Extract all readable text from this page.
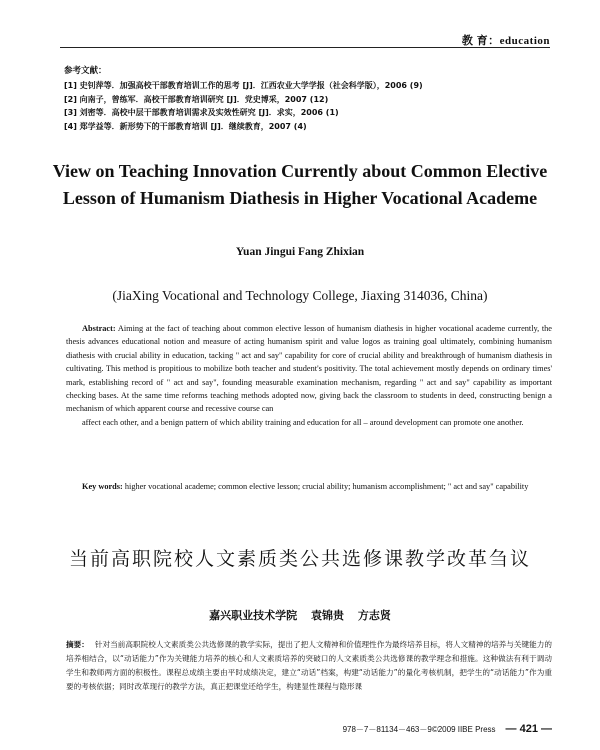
教 育：education
参考文献：
[1] 史钊萍等．加强高校干部教育培训工作的思考 [J]．江西农业大学学报（社会科学版），2006 (9)
[2] 向南子，曾练军．高校干部教育培训研究 [J]．党史博采，2007 (12)
[3] 刘密等．高校中层干部教育培训需求及实效性研究 [J]．求实，2006 (1)
[4] 郑学益等．新形势下的干部教育培训 [J]．继续教育，2007 (4)
View on Teaching Innovation Currently about Common Elective
Lesson of Humanism Diathesis in Higher Vocational Academe
Yuan Jingui Fang Zhixian
(JiaXing Vocational and Technology College, Jiaxing 314036, China)

Abstract: Aiming at the fact of teaching about common elective lesson of humanism diathesis in higher vocational academe currently, the thesis advances educational notion and measure of acting humanism spirit and value logos as training goal ultimately, combining humanism diathesis with crucial ability in education, tacking " act and say" capability for core of crucial ability and breakthrough of humanism diathesis in cultivating. This method is propitious to mobilize both teacher and student's positivity. The total achievement mostly depends on ordinary times' mark, establishing record of " act and say", founding measurable examination mechanism, regarding " act and say" capability as important checking bases. At the same time reforms teaching methods adopted now, giving back the classroom to students in deed, constructing benign a mechanism of which apparent course and recessive course can

affect each other, and a benign pattern of which ability training and education for all – around development can promote one another.

Key words: higher vocational academe; common elective lesson; crucial ability; humanism accomplishment; " act and say" capability
当前高职院校人文素质类公共选修课教学改革刍议
嘉兴职业技术学院 袁锦贵 方志贤
摘要： 针对当前高职院校人文素质类公共选修课的教学实际，提出了把人文精神和价值理性作为最终培养目标，将人文精神的培养与关键能力的培养相结合，以“动话能力”作为关键能力培养的核心和人文素质培养的突破口的人文素质类公共选修课的教学理念和措施。这种做法有利于调动学生和教师两方面的积极性。课程总成绩主要由平时成绩决定，建立“动话”档案，构建“动话能力”的量化考核机制，把学生的“动话能力”作为重要的考核依据；同时改革现行的教学方法，真正把课堂还给学生，构建显性课程与隐形课
978－7－81134－463－9©2009 IIBE Press — 421 —
